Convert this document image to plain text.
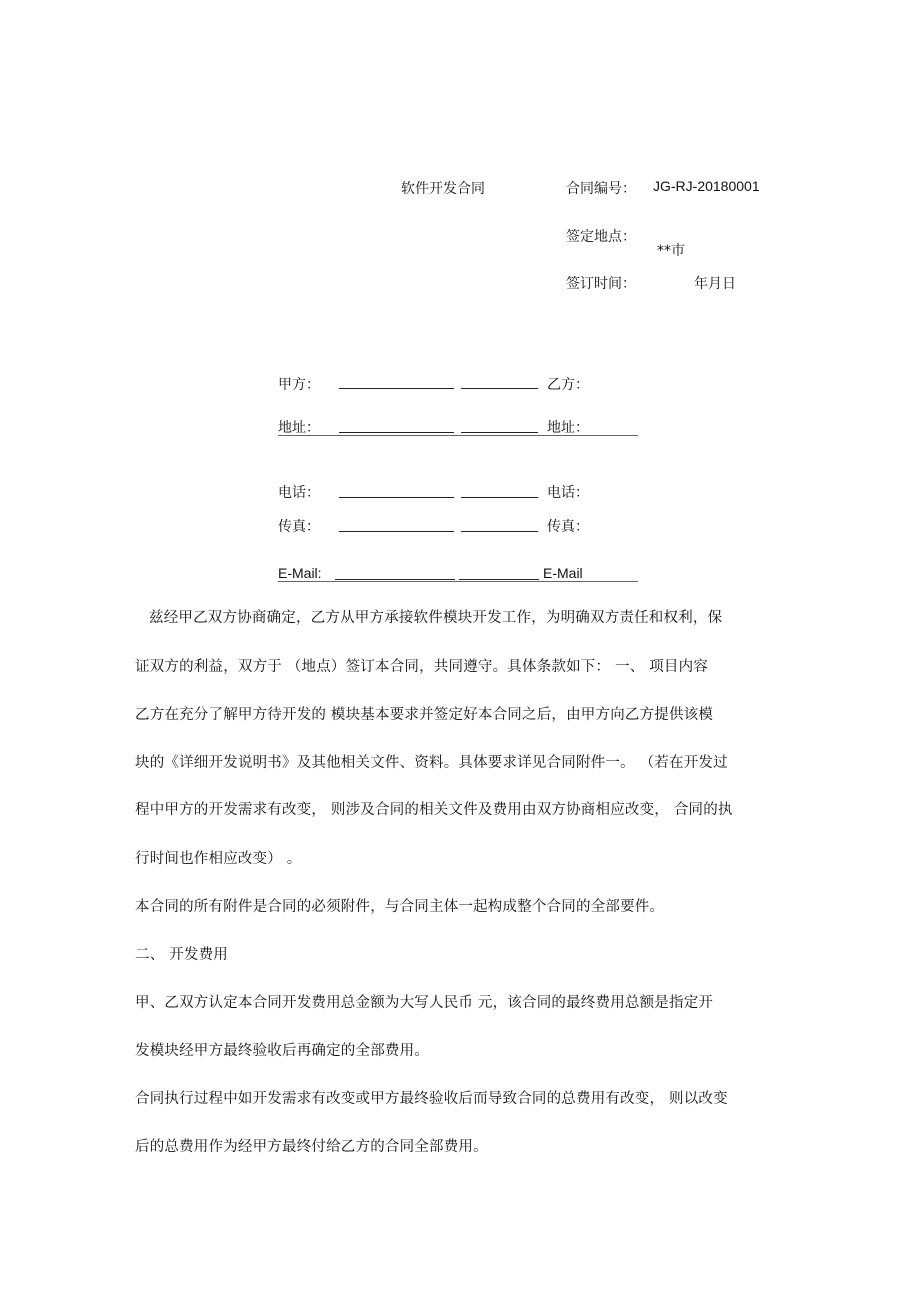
软件开发合同	合同编号： JG-RJ-20180001
签定地点：
**市
签订时间：	年月日
甲方：	乙方：
地址：	地址：
电话：	电话：
传真：	传真：
E-Mail:	E-Mail
兹经甲乙双方协商确定，乙方从甲方承接软件模块开发工作，为明确双方责任和权利，保
证双方的利益，双方于 （地点）签订本合同，共同遵守。具体条款如下： 一、 项目内容
乙方在充分了解甲方待开发的 模块基本要求并签定好本合同之后，由甲方向乙方提供该模
块的《详细开发说明书》及其他相关文件、资料。具体要求详见合同附件一。 （若在开发过
程中甲方的开发需求有改变， 则涉及合同的相关文件及费用由双方协商相应改变， 合同的执
行时间也作相应改变） 。
本合同的所有附件是合同的必须附件，与合同主体一起构成整个合同的全部要件。
二、 开发费用
甲、乙双方认定本合同开发费用总金额为大写人民币 元，该合同的最终费用总额是指定开
发模块经甲方最终验收后再确定的全部费用。
合同执行过程中如开发需求有改变或甲方最终验收后而导致合同的总费用有改变， 则以改变
后的总费用作为经甲方最终付给乙方的合同全部费用。
